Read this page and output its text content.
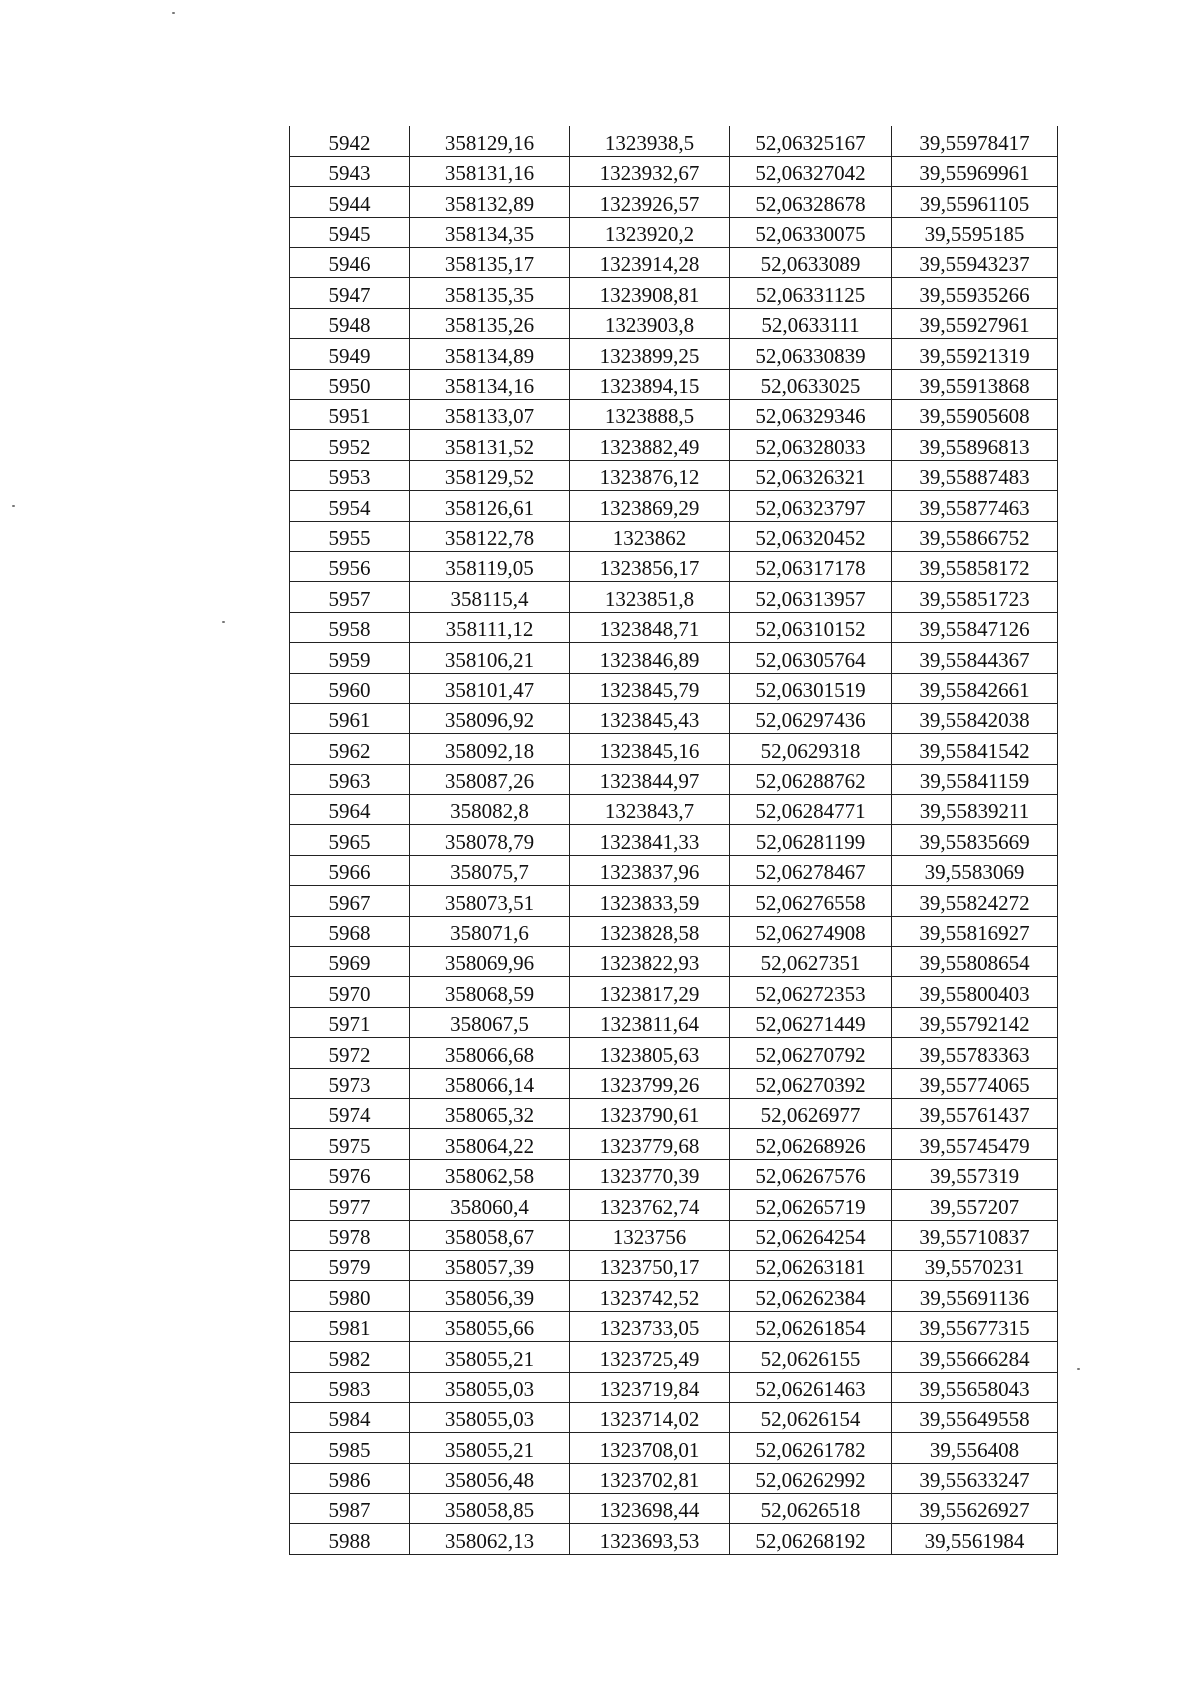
5942	358129,16	1323938,5	52,06325167	39,55978417
5943	358131,16	1323932,67	52,06327042	39,55969961
5944	358132,89	1323926,57	52,06328678	39,55961105
5945	358134,35	1323920,2	52,06330075	39,5595185
5946	358135,17	1323914,28	52,0633089	39,55943237
5947	358135,35	1323908,81	52,06331125	39,55935266
5948	358135,26	1323903,8	52,0633111	39,55927961
5949	358134,89	1323899,25	52,06330839	39,55921319
5950	358134,16	1323894,15	52,0633025	39,55913868
5951	358133,07	1323888,5	52,06329346	39,55905608
5952	358131,52	1323882,49	52,06328033	39,55896813
5953	358129,52	1323876,12	52,06326321	39,55887483
5954	358126,61	1323869,29	52,06323797	39,55877463
5955	358122,78	1323862	52,06320452	39,55866752
5956	358119,05	1323856,17	52,06317178	39,55858172
5957	358115,4	1323851,8	52,06313957	39,55851723
5958	358111,12	1323848,71	52,06310152	39,55847126
5959	358106,21	1323846,89	52,06305764	39,55844367
5960	358101,47	1323845,79	52,06301519	39,55842661
5961	358096,92	1323845,43	52,06297436	39,55842038
5962	358092,18	1323845,16	52,0629318	39,55841542
5963	358087,26	1323844,97	52,06288762	39,55841159
5964	358082,8	1323843,7	52,06284771	39,55839211
5965	358078,79	1323841,33	52,06281199	39,55835669
5966	358075,7	1323837,96	52,06278467	39,5583069
5967	358073,51	1323833,59	52,06276558	39,55824272
5968	358071,6	1323828,58	52,06274908	39,55816927
5969	358069,96	1323822,93	52,0627351	39,55808654
5970	358068,59	1323817,29	52,06272353	39,55800403
5971	358067,5	1323811,64	52,06271449	39,55792142
5972	358066,68	1323805,63	52,06270792	39,55783363
5973	358066,14	1323799,26	52,06270392	39,55774065
5974	358065,32	1323790,61	52,0626977	39,55761437
5975	358064,22	1323779,68	52,06268926	39,55745479
5976	358062,58	1323770,39	52,06267576	39,557319
5977	358060,4	1323762,74	52,06265719	39,557207
5978	358058,67	1323756	52,06264254	39,55710837
5979	358057,39	1323750,17	52,06263181	39,5570231
5980	358056,39	1323742,52	52,06262384	39,55691136
5981	358055,66	1323733,05	52,06261854	39,55677315
5982	358055,21	1323725,49	52,0626155	39,55666284
5983	358055,03	1323719,84	52,06261463	39,55658043
5984	358055,03	1323714,02	52,0626154	39,55649558
5985	358055,21	1323708,01	52,06261782	39,556408
5986	358056,48	1323702,81	52,06262992	39,55633247
5987	358058,85	1323698,44	52,0626518	39,55626927
5988	358062,13	1323693,53	52,06268192	39,5561984
